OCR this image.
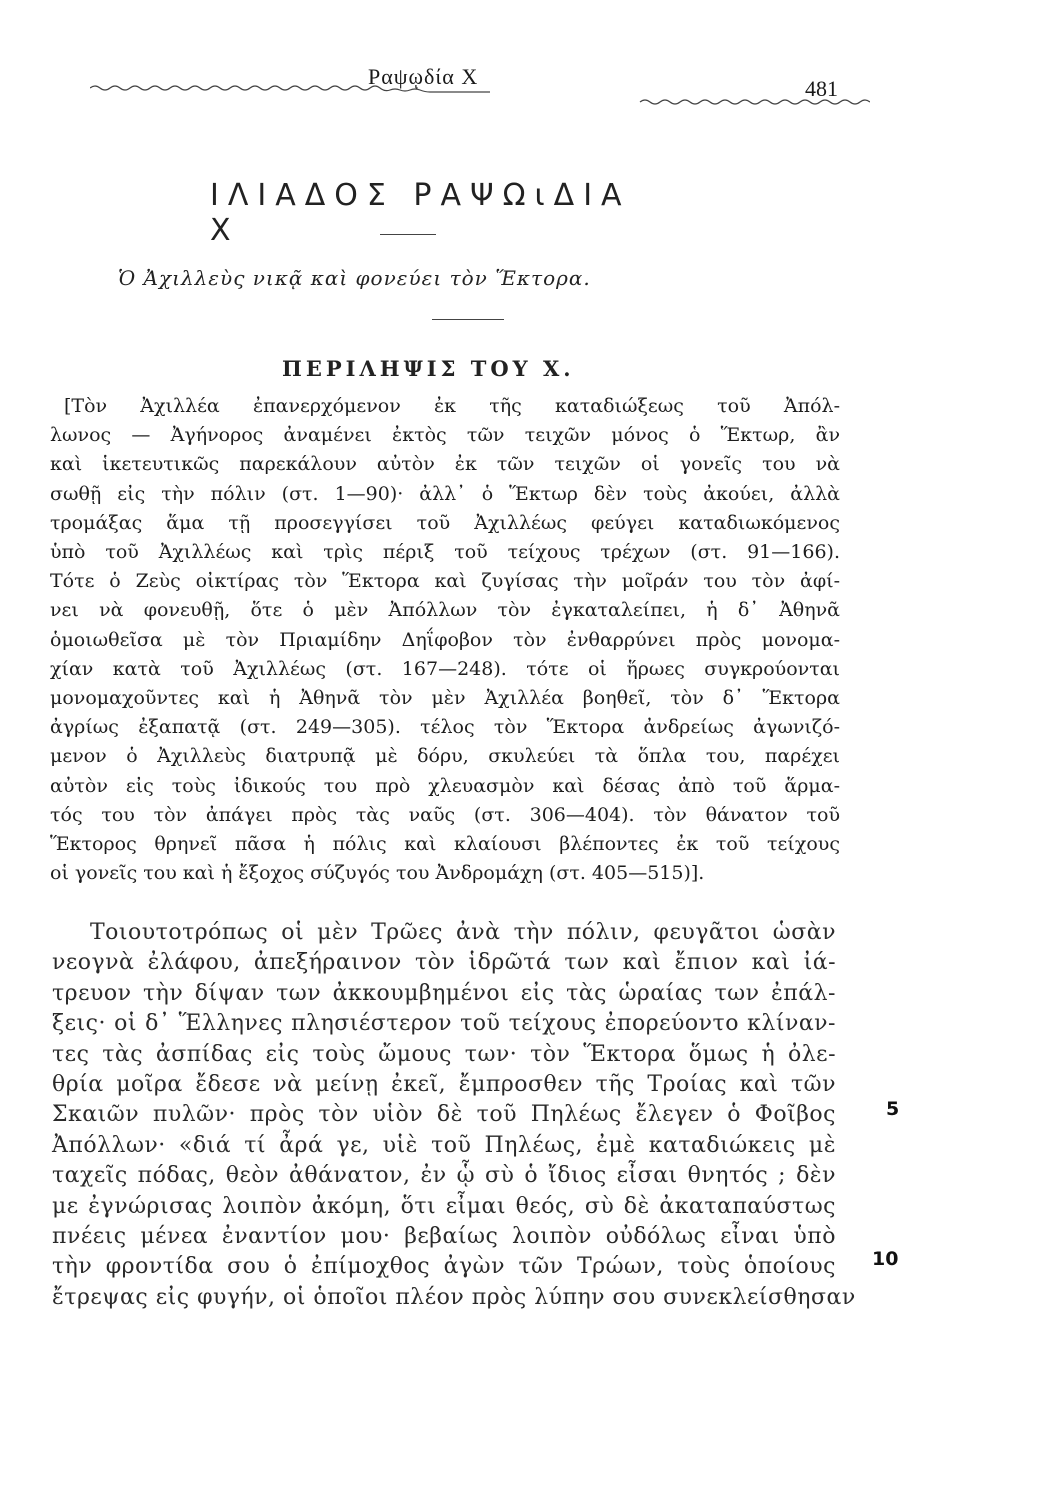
Ραψῳδία Χ	481
ΙΛΙΑΔΟΣ ΡΑΨΩιΔΙΑ Χ
Ὁ Ἀχιλλεὺς νικᾷ καὶ φονεύει τὸν Ἕκτορα.
ΠΕΡΙΛΗΨΙΣ ΤΟΥ Χ.
[Τὸν Ἀχιλλέα ἐπανερχόμενον ἐκ τῆς καταδιώξεως τοῦ Ἀπόλ-
λωνος — Ἀγήνορος ἀναμένει ἐκτὸς τῶν τειχῶν μόνος ὁ Ἕκτωρ, ἂν
καὶ ἱκετευτικῶς παρεκάλουν αὐτὸν ἐκ τῶν τειχῶν οἱ γονεῖς του νὰ
σωθῇ εἰς τὴν πόλιν (στ. 1—90)· ἀλλ᾽ ὁ Ἕκτωρ δὲν τοὺς ἀκούει, ἀλλὰ
τρομάξας ἅμα τῇ προσεγγίσει τοῦ Ἀχιλλέως φεύγει καταδιωκόμενος
ὑπὸ τοῦ Ἀχιλλέως καὶ τρὶς πέριξ τοῦ τείχους τρέχων (στ. 91—166).
Τότε ὁ Ζεὺς οἰκτίρας τὸν Ἕκτορα καὶ ζυγίσας τὴν μοῖράν του τὸν ἀφί-
νει νὰ φονευθῇ, ὅτε ὁ μὲν Ἀπόλλων τὸν ἐγκαταλείπει, ἡ δ᾽ Ἀθηνᾶ
ὁμοιωθεῖσα μὲ τὸν Πριαμίδην Δηΐφοβον τὸν ἐνθαρρύνει πρὸς μονομα-
χίαν κατὰ τοῦ Ἀχιλλέως (στ. 167—248). τότε οἱ ἥρωες συγκρούονται
μονομαχοῦντες καὶ ἡ Ἀθηνᾶ τὸν μὲν Ἀχιλλέα βοηθεῖ, τὸν δ᾽ Ἕκτορα
ἀγρίως ἐξαπατᾷ (στ. 249—305). τέλος τὸν Ἕκτορα ἀνδρείως ἀγωνιζό-
μενον ὁ Ἀχιλλεὺς διατρυπᾷ μὲ δόρυ, σκυλεύει τὰ ὅπλα του, παρέχει
αὐτὸν εἰς τοὺς ἰδικούς του πρὸ χλευασμὸν καὶ δέσας ἀπὸ τοῦ ἅρμα-
τός του τὸν ἀπάγει πρὸς τὰς ναῦς (στ. 306—404). τὸν θάνατον τοῦ
Ἕκτορος θρηνεῖ πᾶσα ἡ πόλις καὶ κλαίουσι βλέποντες ἐκ τοῦ τείχους
οἱ γονεῖς του καὶ ἡ ἔξοχος σύζυγός του Ἀνδρομάχη (στ. 405—515)].
Τοιουτοτρόπως οἱ μὲν Τρῶες ἀνὰ τὴν πόλιν, φευγᾶτοι ὡσὰν
νεογνὰ ἐλάφου, ἀπεξήραινον τὸν ἱδρῶτά των καὶ ἔπιον καὶ ἰά-
τρευον τὴν δίψαν των ἀκκουμβημένοι εἰς τὰς ὡραίας των ἐπάλ-
ξεις· οἱ δ᾽ Ἕλληνες πλησιέστερον τοῦ τείχους ἐπορεύοντο κλίναν-
τες τὰς ἀσπίδας εἰς τοὺς ὤμους των· τὸν Ἕκτορα ὅμως ἡ ὀλε-
θρία μοῖρα ἔδεσε νὰ μείνῃ ἐκεῖ, ἔμπροσθεν τῆς Τροίας καὶ τῶν
Σκαιῶν πυλῶν· πρὸς τὸν υἱὸν δὲ τοῦ Πηλέως ἔλεγεν ὁ Φοῖβος
Ἀπόλλων· «διά τί ἆρά γε, υἱὲ τοῦ Πηλέως, ἐμὲ καταδιώκεις μὲ
ταχεῖς πόδας, θεὸν ἀθάνατον, ἐν ᾧ σὺ ὁ ἴδιος εἶσαι θνητός ; δὲν
με ἐγνώρισας λοιπὸν ἀκόμη, ὅτι εἶμαι θεός, σὺ δὲ ἀκαταπαύστως
πνέεις μένεα ἐναντίον μου· βεβαίως λοιπὸν οὐδόλως εἶναι ὑπὸ
τὴν φροντίδα σου ὁ ἐπίμοχθος ἀγὼν τῶν Τρώων, τοὺς ὁποίους
ἔτρεψας εἰς φυγήν, οἱ ὁποῖοι πλέον πρὸς λύπην σου συνεκλείσθησαν
5
10
